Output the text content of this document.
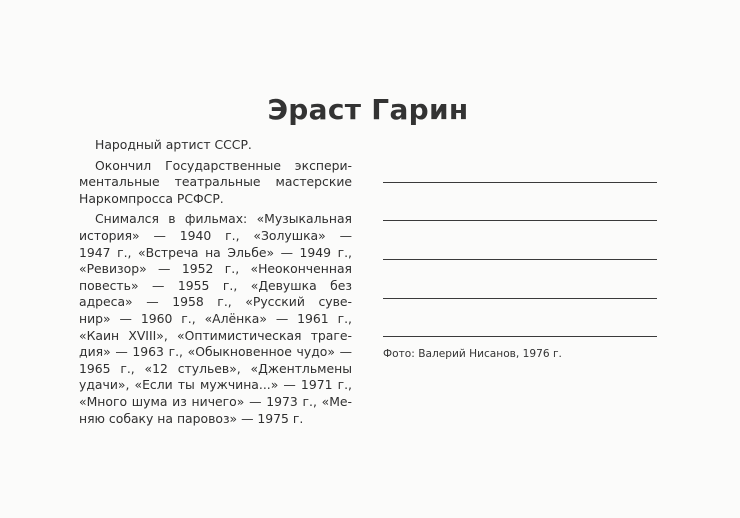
Эраст Гарин

Народный артист СССР.

Окончил Государственные экспери-
ментальные театральные мастерские
Наркомпросса РСФСР.

Снимался в фильмах: «Музыкальная
история» — 1940 г., «Золушка» —
1947 г., «Встреча на Эльбе» — 1949 г.,
«Ревизор» — 1952 г., «Неоконченная
повесть» — 1955 г., «Девушка без
адреса» — 1958 г., «Русский суве-
нир» — 1960 г., «Алёнка» — 1961 г.,
«Каин XVIII», «Оптимистическая траге-
дия» — 1963 г., «Обыкновенное чудо» —
1965 г., «12 стульев», «Джентльмены
удачи», «Если ты мужчина...» — 1971 г.,
«Много шума из ничего» — 1973 г., «Ме-
няю собаку на паровоз» — 1975 г.

Фото: Валерий Нисанов, 1976 г.
